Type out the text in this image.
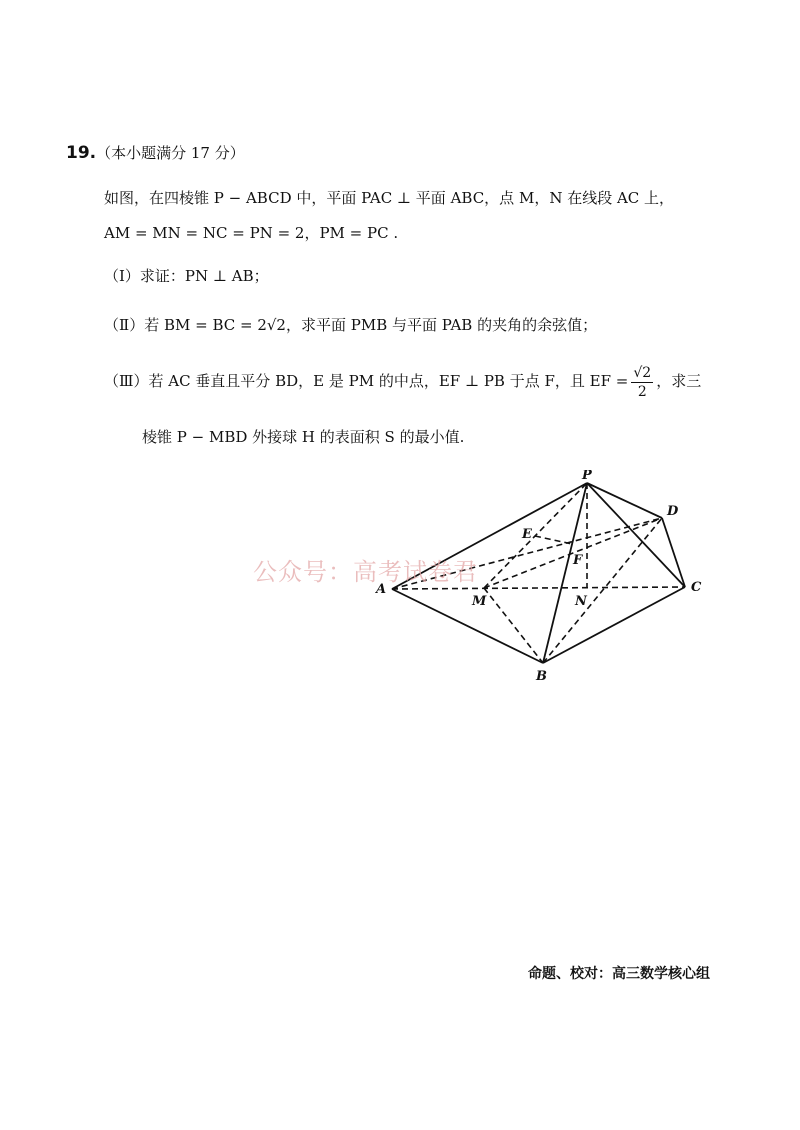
19.（本小题满分 17 分）
如图，在四棱锥 P − ABCD 中，平面 PAC ⊥ 平面 ABC，点 M，N 在线段 AC 上，
AM = MN = NC = PN = 2，PM = PC .
（Ⅰ）求证：PN ⊥ AB；
（Ⅱ）若 BM = BC = 2√2，求平面 PMB 与平面 PAB 的夹角的余弦值；
（Ⅲ）若 AC 垂直且平分 BD，E 是 PM 的中点，EF ⊥ PB 于点 F，且 EF = $\frac{√2}{2}$ ，求三
棱锥 P − MBD 外接球 H 的表面积 S 的最小值.
P
A
B
C
D
E
F
M	N
公众号：高考试卷君
命题、校对：高三数学核心组
